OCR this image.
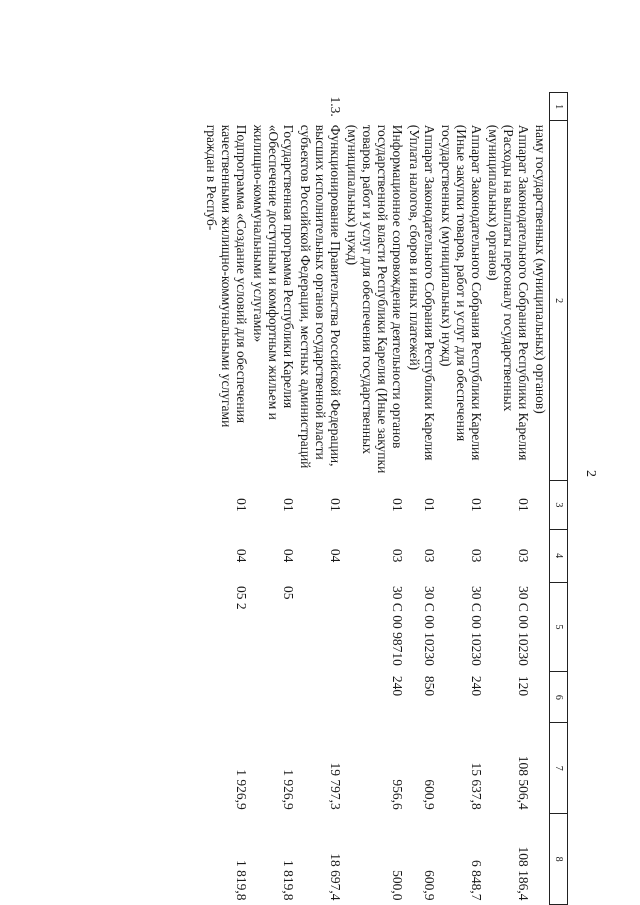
2
1	2	3	4	5	6	7	8
	наму государственных (муниципальных) органов)						
	Аппарат Законодательного Собрания Республики Карелия (Расходы на выплаты персоналу государственных (муниципальных) органов)	01	03	30 С 00 10230	120	108 506,4	108 186,4
	Аппарат Законодательного Собрания Республики Карелия (Иные закупки товаров, работ и услуг для обеспечения государственных (муниципальных) нужд)	01	03	30 С 00 10230	240	15 637,8	6 848,7
	Аппарат Законодательного Собрания Республики Карелия (Уплата налогов, сборов и иных платежей)	01	03	30 С 00 10230	850	600,9	600,9
	Информационное сопровождение деятельности органов государственной власти Республики Карелия (Иные закупки товаров, работ и услуг для обеспечения государственных (муниципальных) нужд)	01	03	30 С 00 98710	240	956,6	500,0
1.3.	Функционирование Правительства Российской Федерации, высших исполнительных органов государственной власти субъектов Российской Федерации, местных администраций	01	04			19 797,3	18 697,4
	Государственная программа Республики Карелия «Обеспечение доступным и комфортным жильем и жилищно-коммунальными услугами»	01	04	05		1 926,9	1 819,8
	Подпрограмма «Создание условий для обеспечения качественными жилищно-коммунальными услугами граждан в Респуб-	01	04	05 2		1 926,9	1 819,8
